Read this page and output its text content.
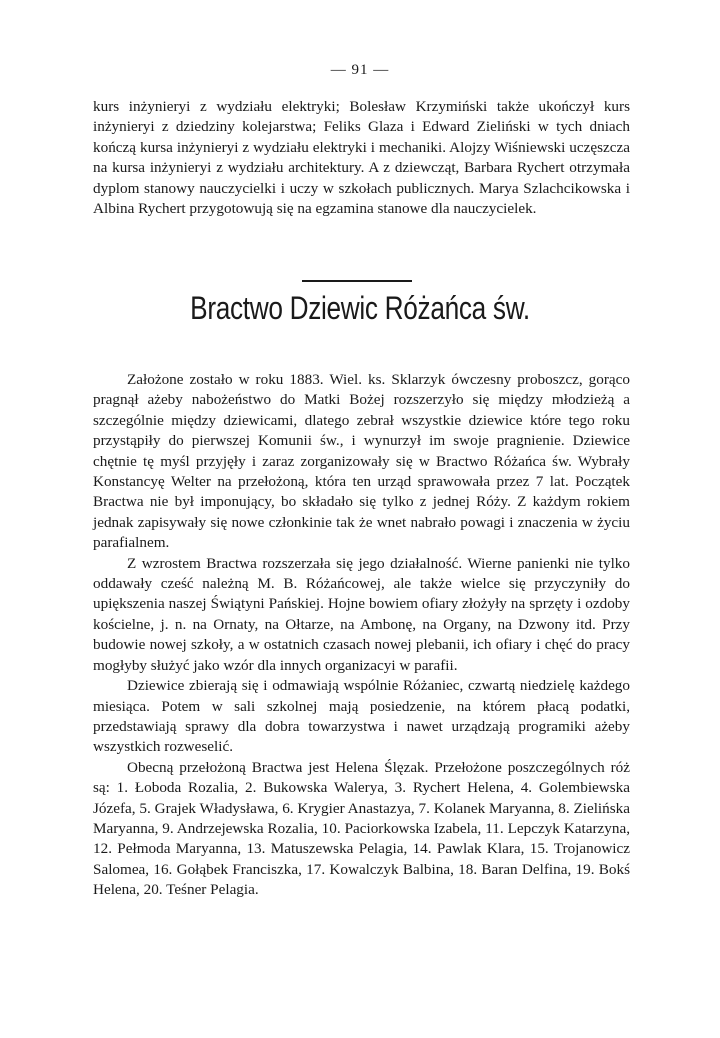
— 91 —

kurs inżynieryi z wydziału elektryki; Bolesław Krzymiński także ukończył kurs inżynieryi z dziedziny kolejarstwa; Feliks Glaza i Edward Zieliński w tych dniach kończą kursa inżynieryi z wydziału elektryki i mechaniki. Alojzy Wiśniewski uczęszcza na kursa inżynieryi z wydziału architektury. A z dziewcząt, Barbara Rychert otrzymała dyplom stanowy nauczycielki i uczy w szkołach publicznych. Marya Szlachcikowska i Albina Rychert przygotowują się na egzamina stanowe dla nauczycielek.

Bractwo Dziewic Różańca św.

Założone zostało w roku 1883. Wiel. ks. Sklarzyk ówczesny proboszcz, gorąco pragnął ażeby nabożeństwo do Matki Bożej rozszerzyło się między młodzieżą a szczególnie między dziewicami, dlatego zebrał wszystkie dziewice które tego roku przystąpiły do pierwszej Komunii św., i wynurzył im swoje pragnienie. Dziewice chętnie tę myśl przyjęły i zaraz zorganizowały się w Bractwo Różańca św. Wybrały Konstancyę Welter na przełożoną, która ten urząd sprawowała przez 7 lat. Początek Bractwa nie był imponujący, bo składało się tylko z jednej Róży. Z każdym rokiem jednak zapisywały się nowe członkinie tak że wnet nabrało powagi i znaczenia w życiu parafialnem.

Z wzrostem Bractwa rozszerzała się jego działalność. Wierne panienki nie tylko oddawały cześć należną M. B. Różańcowej, ale także wielce się przyczyniły do upiększenia naszej Świątyni Pańskiej. Hojne bowiem ofiary złożyły na sprzęty i ozdoby kościelne, j. n. na Ornaty, na Ołtarze, na Ambonę, na Organy, na Dzwony itd. Przy budowie nowej szkoły, a w ostatnich czasach nowej plebanii, ich ofiary i chęć do pracy mogłyby służyć jako wzór dla innych organizacyi w parafii.

Dziewice zbierają się i odmawiają wspólnie Różaniec, czwartą niedzielę każdego miesiąca. Potem w sali szkolnej mają posiedzenie, na którem płacą podatki, przedstawiają sprawy dla dobra towarzystwa i nawet urządzają programiki ażeby wszystkich rozweselić.

Obecną przełożoną Bractwa jest Helena Ślęzak. Przełożone poszczególnych róż są: 1. Łoboda Rozalia, 2. Bukowska Walerya, 3. Rychert Helena, 4. Golembiewska Józefa, 5. Grajek Władysława, 6. Krygier Anastazya, 7. Kolanek Maryanna, 8. Zielińska Maryanna, 9. Andrzejewska Rozalia, 10. Paciorkowska Izabela, 11. Lepczyk Katarzyna, 12. Pełmoda Maryanna, 13. Matuszewska Pelagia, 14. Pawlak Klara, 15. Trojanowicz Salomea, 16. Gołąbek Franciszka, 17. Kowalczyk Balbina, 18. Baran Delfina, 19. Bokś Helena, 20. Teśner Pelagia.
